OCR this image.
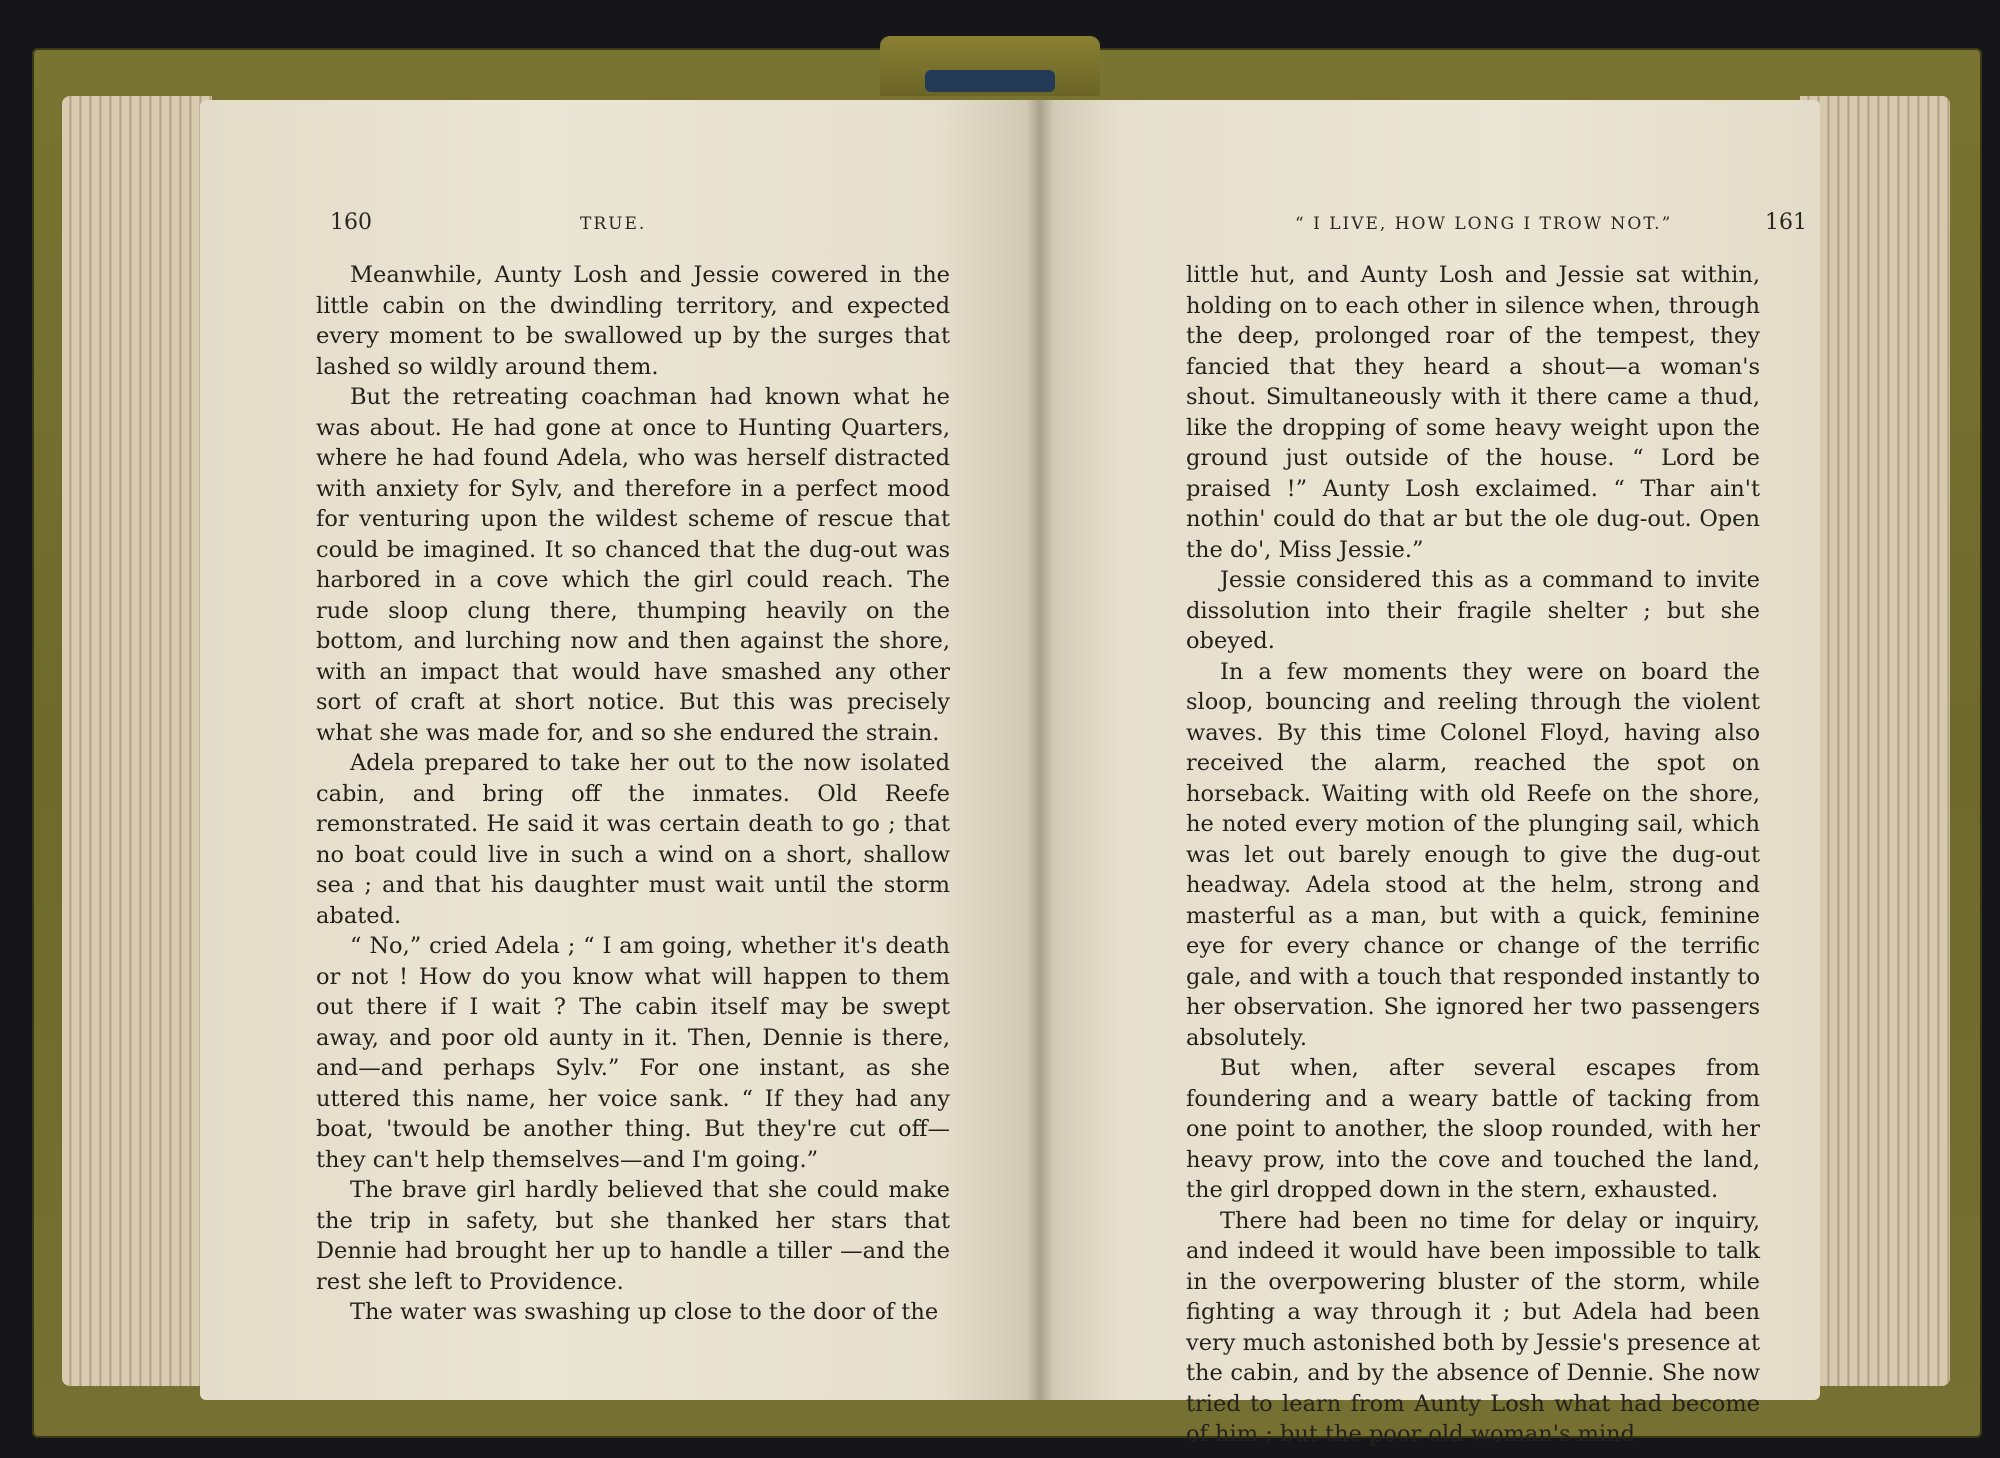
160	TRUE.

Meanwhile, Aunty Losh and Jessie cowered in the little cabin on the dwindling territory, and expected every moment to be swallowed up by the surges that lashed so wildly around them.

But the retreating coachman had known what he was about. He had gone at once to Hunting Quarters, where he had found Adela, who was herself distracted with anxiety for Sylv, and therefore in a perfect mood for venturing upon the wildest scheme of rescue that could be imagined. It so chanced that the dug-out was harbored in a cove which the girl could reach. The rude sloop clung there, thumping heavily on the bottom, and lurching now and then against the shore, with an impact that would have smashed any other sort of craft at short notice. But this was precisely what she was made for, and so she endured the strain.

Adela prepared to take her out to the now isolated cabin, and bring off the inmates. Old Reefe remonstrated. He said it was certain death to go ; that no boat could live in such a wind on a short, shallow sea ; and that his daughter must wait until the storm abated.

“ No,” cried Adela ; “ I am going, whether it's death or not ! How do you know what will happen to them out there if I wait ? The cabin itself may be swept away, and poor old aunty in it. Then, Dennie is there, and—and perhaps Sylv.” For one instant, as she uttered this name, her voice sank. “ If they had any boat, 'twould be another thing. But they're cut off—they can't help themselves—and I'm going.”

The brave girl hardly believed that she could make the trip in safety, but she thanked her stars that Dennie had brought her up to handle a tiller —and the rest she left to Providence.

The water was swashing up close to the door of the

“ I LIVE, HOW LONG I TROW NOT.”	161

little hut, and Aunty Losh and Jessie sat within, holding on to each other in silence when, through the deep, prolonged roar of the tempest, they fancied that they heard a shout—a woman's shout. Simultaneously with it there came a thud, like the dropping of some heavy weight upon the ground just outside of the house. “ Lord be praised !” Aunty Losh exclaimed. “ Thar ain't nothin' could do that ar but the ole dug-out. Open the do', Miss Jessie.”

Jessie considered this as a command to invite dissolution into their fragile shelter ; but she obeyed.

In a few moments they were on board the sloop, bouncing and reeling through the violent waves. By this time Colonel Floyd, having also received the alarm, reached the spot on horseback. Waiting with old Reefe on the shore, he noted every motion of the plunging sail, which was let out barely enough to give the dug-out headway. Adela stood at the helm, strong and masterful as a man, but with a quick, feminine eye for every chance or change of the terrific gale, and with a touch that responded instantly to her observation. She ignored her two passengers absolutely.

But when, after several escapes from foundering and a weary battle of tacking from one point to another, the sloop rounded, with her heavy prow, into the cove and touched the land, the girl dropped down in the stern, exhausted.

There had been no time for delay or inquiry, and indeed it would have been impossible to talk in the overpowering bluster of the storm, while fighting a way through it ; but Adela had been very much astonished both by Jessie's presence at the cabin, and by the absence of Dennie. She now tried to learn from Aunty Losh what had become of him ; but the poor old woman's mind
